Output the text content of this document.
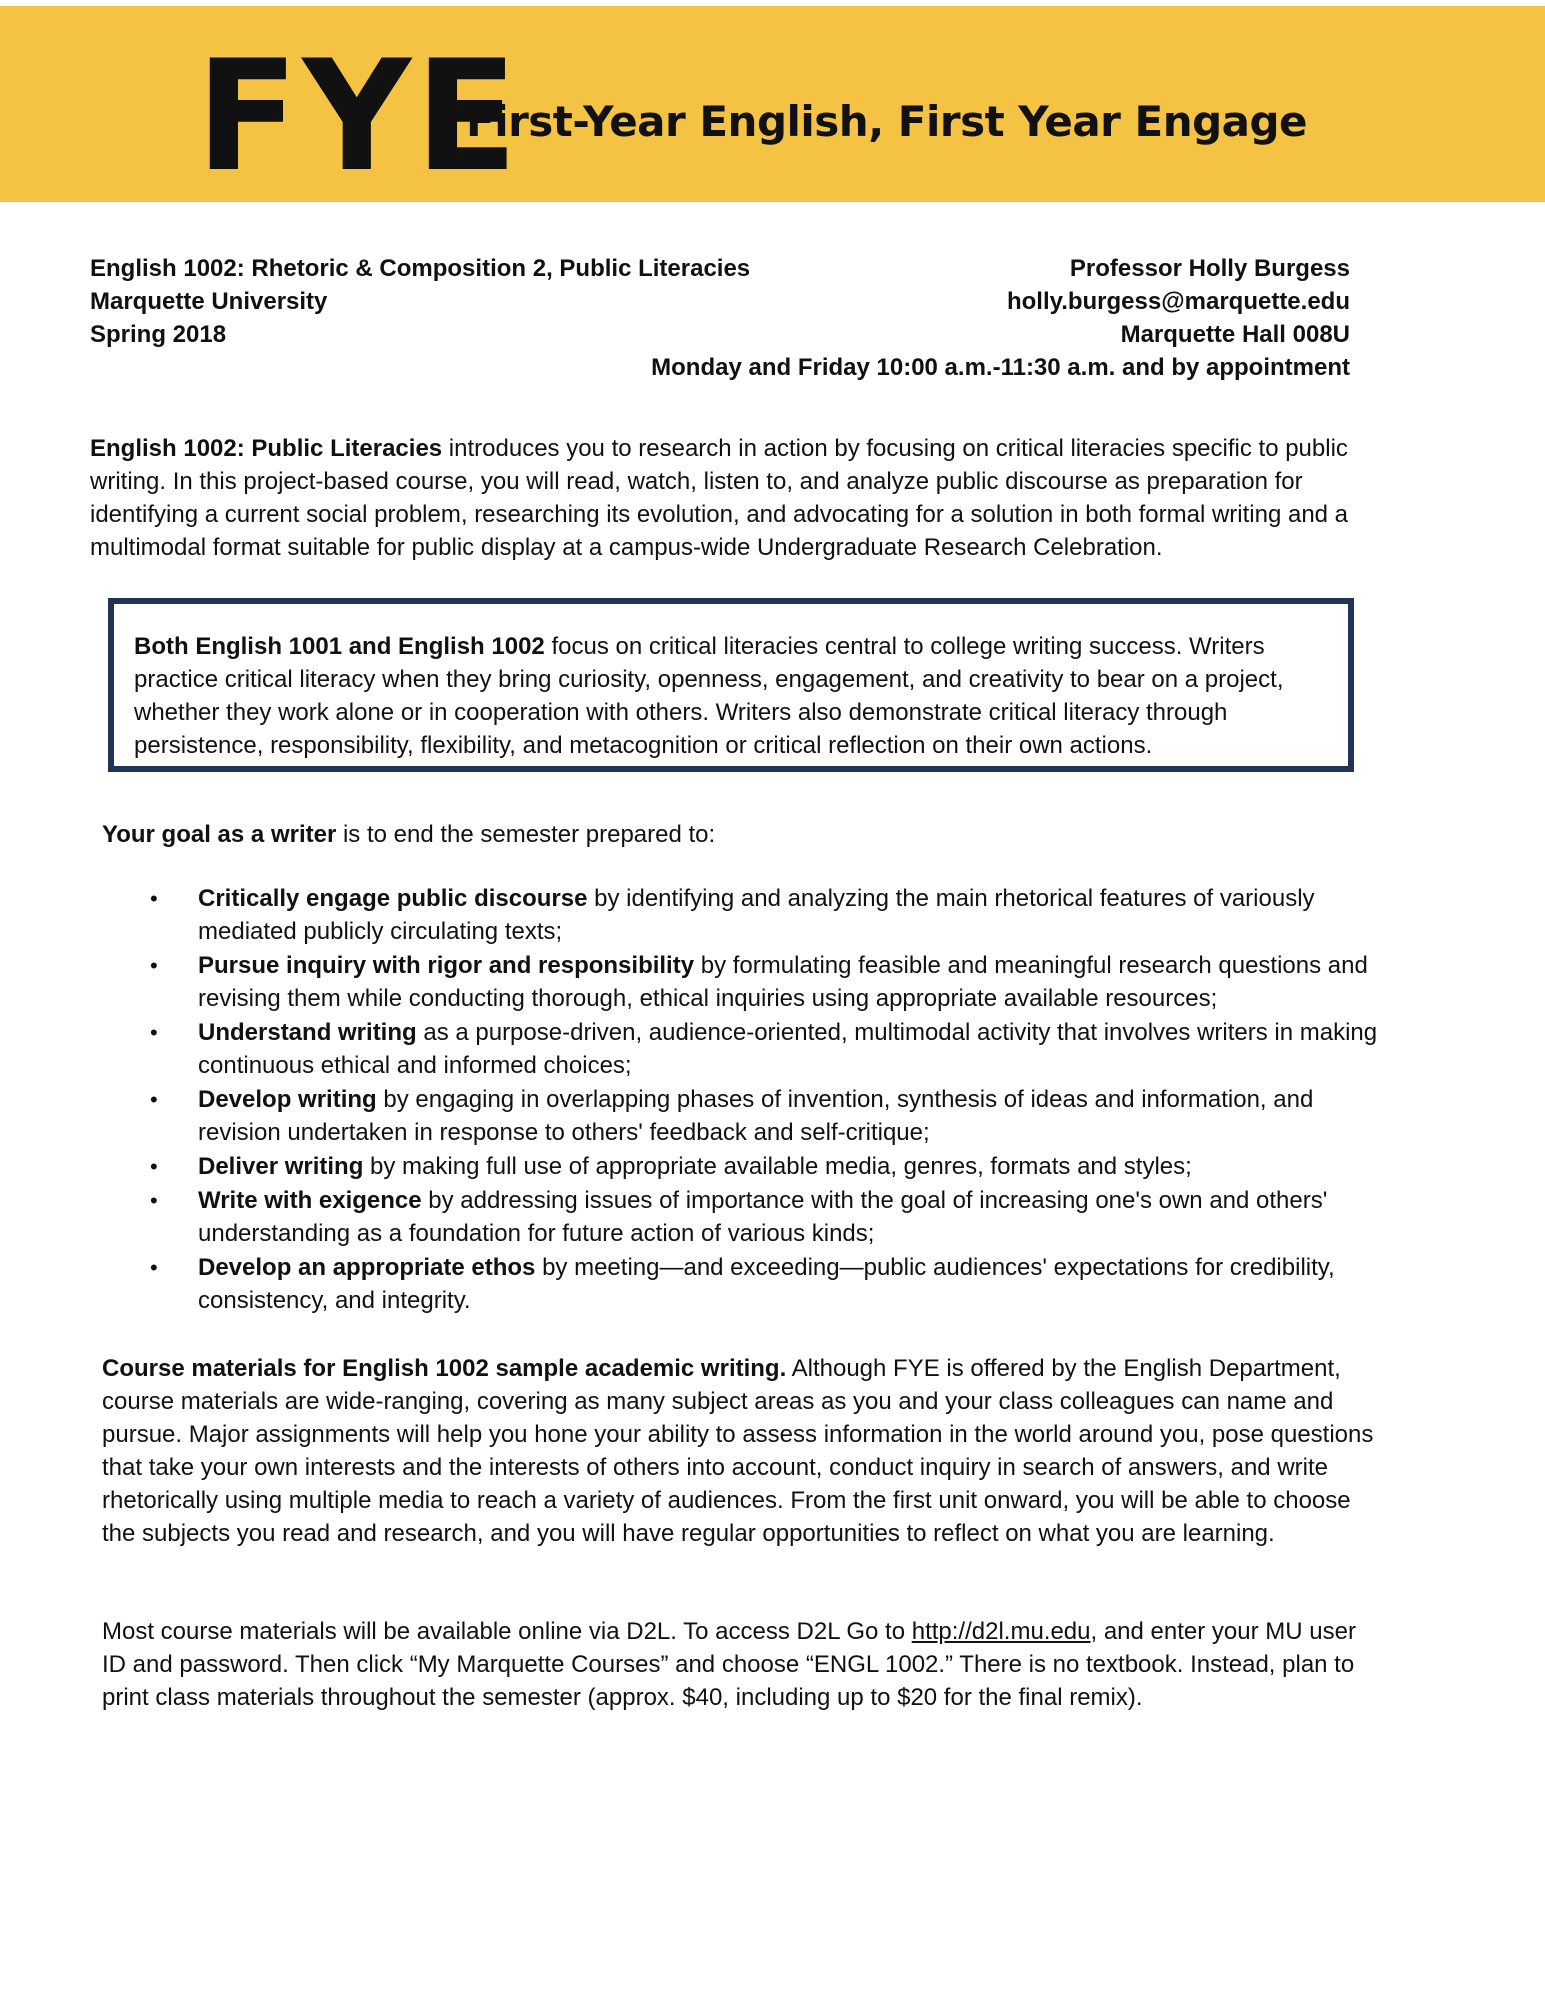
FYE
First-Year English, First Year Engage
English 1002: Rhetoric & Composition 2, Public Literacies
Marquette University
Spring 2018
Professor Holly Burgess
holly.burgess@marquette.edu
Marquette Hall 008U
Monday and Friday 10:00 a.m.-11:30 a.m. and by appointment

English 1002: Public Literacies introduces you to research in action by focusing on critical literacies specific to public writing. In this project-based course, you will read, watch, listen to, and analyze public discourse as preparation for identifying a current social problem, researching its evolution, and advocating for a solution in both formal writing and a multimodal format suitable for public display at a campus-wide Undergraduate Research Celebration.

Both English 1001 and English 1002 focus on critical literacies central to college writing success. Writers practice critical literacy when they bring curiosity, openness, engagement, and creativity to bear on a project, whether they work alone or in cooperation with others. Writers also demonstrate critical literacy through persistence, responsibility, flexibility, and metacognition or critical reflection on their own actions.

Your goal as a writer is to end the semester prepared to:

• Critically engage public discourse by identifying and analyzing the main rhetorical features of variously mediated publicly circulating texts;
• Pursue inquiry with rigor and responsibility by formulating feasible and meaningful research questions and revising them while conducting thorough, ethical inquiries using appropriate available resources;
• Understand writing as a purpose-driven, audience-oriented, multimodal activity that involves writers in making continuous ethical and informed choices;
• Develop writing by engaging in overlapping phases of invention, synthesis of ideas and information, and revision undertaken in response to others' feedback and self-critique;
• Deliver writing by making full use of appropriate available media, genres, formats and styles;
• Write with exigence by addressing issues of importance with the goal of increasing one's own and others' understanding as a foundation for future action of various kinds;
• Develop an appropriate ethos by meeting—and exceeding—public audiences' expectations for credibility, consistency, and integrity.

Course materials for English 1002 sample academic writing. Although FYE is offered by the English Department, course materials are wide-ranging, covering as many subject areas as you and your class colleagues can name and pursue. Major assignments will help you hone your ability to assess information in the world around you, pose questions that take your own interests and the interests of others into account, conduct inquiry in search of answers, and write rhetorically using multiple media to reach a variety of audiences. From the first unit onward, you will be able to choose the subjects you read and research, and you will have regular opportunities to reflect on what you are learning.

Most course materials will be available online via D2L. To access D2L Go to http://d2l.mu.edu, and enter your MU user ID and password. Then click “My Marquette Courses” and choose “ENGL 1002.” There is no textbook. Instead, plan to print class materials throughout the semester (approx. $40, including up to $20 for the final remix).
